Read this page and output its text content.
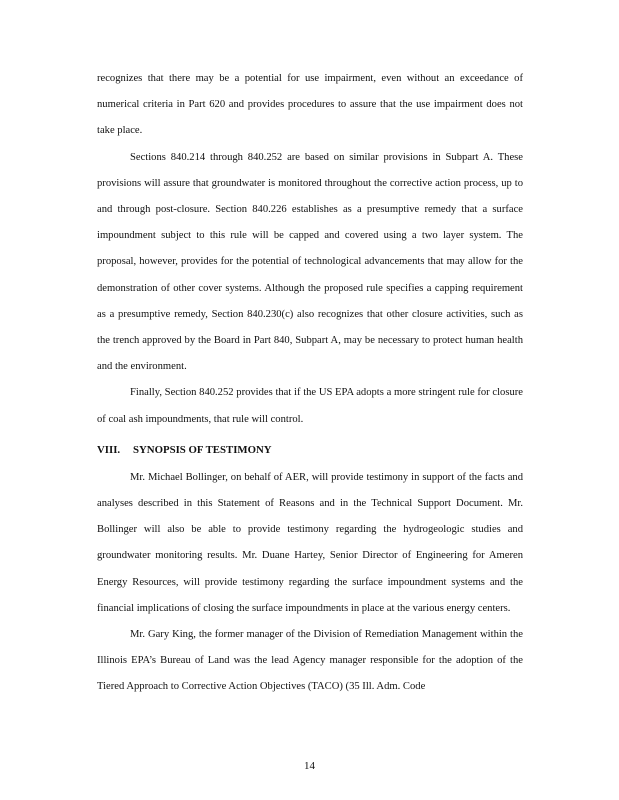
recognizes that there may be a potential for use impairment, even without an exceedance of numerical criteria in Part 620 and provides procedures to assure that the use impairment does not take place.

Sections 840.214 through 840.252 are based on similar provisions in Subpart A. These provisions will assure that groundwater is monitored throughout the corrective action process, up to and through post-closure. Section 840.226 establishes as a presumptive remedy that a surface impoundment subject to this rule will be capped and covered using a two layer system. The proposal, however, provides for the potential of technological advancements that may allow for the demonstration of other cover systems. Although the proposed rule specifies a capping requirement as a presumptive remedy, Section 840.230(c) also recognizes that other closure activities, such as the trench approved by the Board in Part 840, Subpart A, may be necessary to protect human health and the environment.

Finally, Section 840.252 provides that if the US EPA adopts a more stringent rule for closure of coal ash impoundments, that rule will control.

VIII. SYNOPSIS OF TESTIMONY

Mr. Michael Bollinger, on behalf of AER, will provide testimony in support of the facts and analyses described in this Statement of Reasons and in the Technical Support Document. Mr. Bollinger will also be able to provide testimony regarding the hydrogeologic studies and groundwater monitoring results. Mr. Duane Hartey, Senior Director of Engineering for Ameren Energy Resources, will provide testimony regarding the surface impoundment systems and the financial implications of closing the surface impoundments in place at the various energy centers.

Mr. Gary King, the former manager of the Division of Remediation Management within the Illinois EPA’s Bureau of Land was the lead Agency manager responsible for the adoption of the Tiered Approach to Corrective Action Objectives (TACO) (35 Ill. Adm. Code

14
